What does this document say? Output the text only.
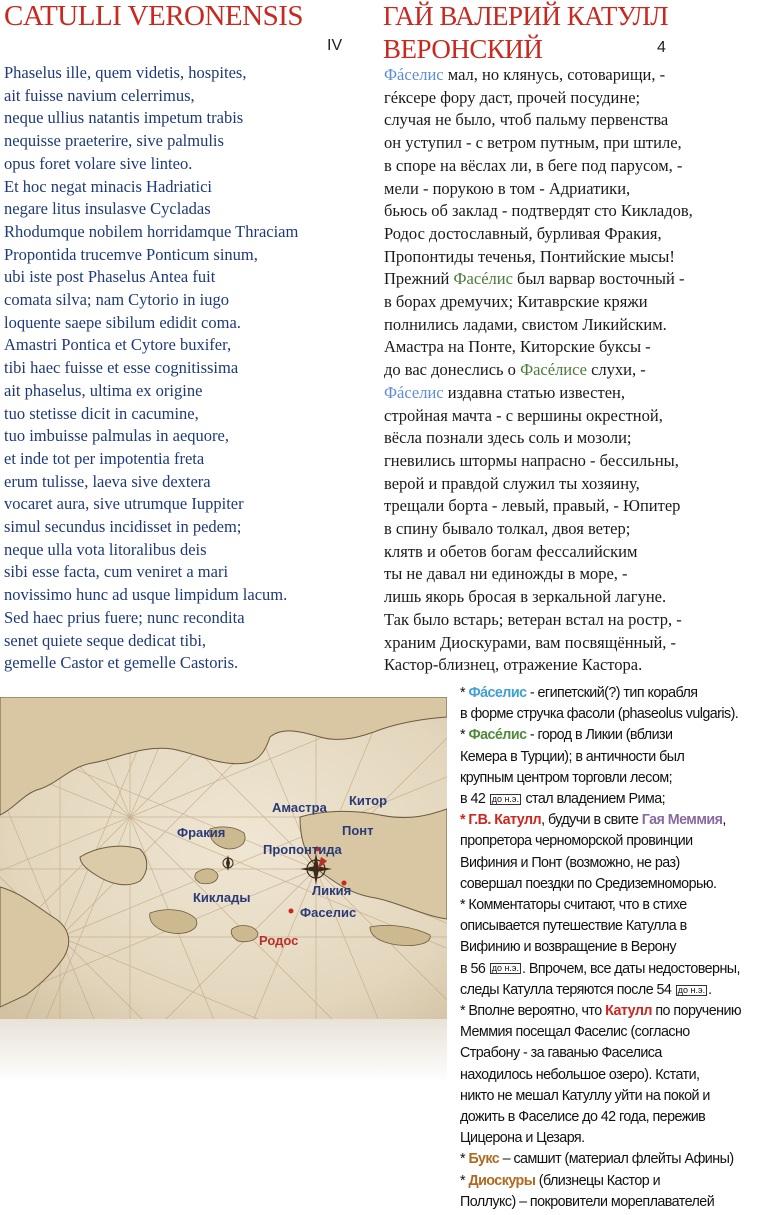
CATULLI VERONENSIS
IV
ГАЙ ВАЛЕРИЙ КАТУЛЛ ВЕРОНСКИЙ	4
Phaselus ille, quem videtis, hospites,
ait fuisse navium celerrimus,
neque ullius natantis impetum trabis
nequisse praeterire, sive palmulis
opus foret volare sive linteo.
Et hoc negat minacis Hadriatici
negare litus insulasve Cycladas
Rhodumque nobilem horridamque Thraciam
Propontida trucemve Ponticum sinum,
ubi iste post Phaselus Antea fuit
comata silva; nam Cytorio in iugo
loquente saepe sibilum edidit coma.
Amastri Pontica et Cytore buxifer,
tibi haec fuisse et esse cognitissima
ait phaselus, ultima ex origine
tuo stetisse dicit in cacumine,
tuo imbuisse palmulas in aequore,
et inde tot per impotentia freta
erum tulisse, laeva sive dextera
vocaret aura, sive utrumque Iuppiter
simul secundus incidisset in pedem;
neque ulla vota litoralibus deis
sibi esse facta, cum veniret a mari
novissimo hunc ad usque limpidum lacum.
Sed haec prius fuere; nunc recondita
senet quiete seque dedicat tibi,
gemelle Castor et gemelle Castoris.
Фáселис мал, но клянусь, сотоварищи, -
гéксере фору даст, прочей посудине;
случая не было, чтоб пальму первенства
он уступил - с ветром путным, при штиле,
в споре на вёслах ли, в беге под парусом, -
мели - порукою в том - Адриатики,
бьюсь об заклад - подтвердят сто Кикладов,
Родос достославный, бурливая Фракия,
Пропонтиды теченья, Понтийские мысы!
Прежний Фасéлис был варвар восточный -
в борах дремучих; Китаврские кряжи
полнились ладами, свистом Ликийским.
Амастра на Понте, Киторские буксы -
до вас донеслись о Фасéлисе слухи, -
Фáселис издавна статью известен,
стройная мачта - с вершины окрестной,
вёсла познали здесь соль и мозоли;
гневились штормы напрасно - бессильны,
верой и правдой служил ты хозяину,
трещали борта - левый, правый, - Юпитер
в спину бывало толкал, двоя ветер;
клятв и обетов богам фессалийским
ты не давал ни единожды в море, -
лишь якорь бросая в зеркальной лагуне.
Так было встарь; ветеран встал на ростр, -
храним Диоскурами, вам посвящённый, -
Кастор-близнец, отражение Кастора.
Амастра Китор
Фракия	Понт
Пропонтида
Ликия
Киклады
Фаселис
Родос
* Фáселис - египетский(?) тип корабля
в форме стручка фасоли (phaseolus vulgaris).
* Фасéлис - город в Ликии (вблизи
Кемера в Турции); в античности был
крупным центром торговли лесом;
в 42 до н.э. стал владением Рима;
* Г.В. Катулл, будучи в свите Гая Меммия,
пропретора черноморской провинции
Вифиния и Понт (возможно, не раз)
совершал поездки по Средиземноморью.
* Комментаторы считают, что в стихе
описывается путешествие Катулла в
Вифинию и возвращение в Верону
в 56 до н.э. . Впрочем, все даты недостоверны,
следы Катулла теряются после 54 до н.э. .
* Вполне вероятно, что Катулл по поручению
Меммия посещал Фаселис (согласно
Страбону - за гаванью Фаселиса
находилось небольшое озеро). Кстати,
никто не мешал Катуллу уйти на покой и
дожить в Фаселисе до 42 года, пережив
Цицерона и Цезаря.
* Букс – самшит (материал флейты Афины)
* Диоскуры (близнецы Кастор и
Поллукс) – покровители мореплавателей
